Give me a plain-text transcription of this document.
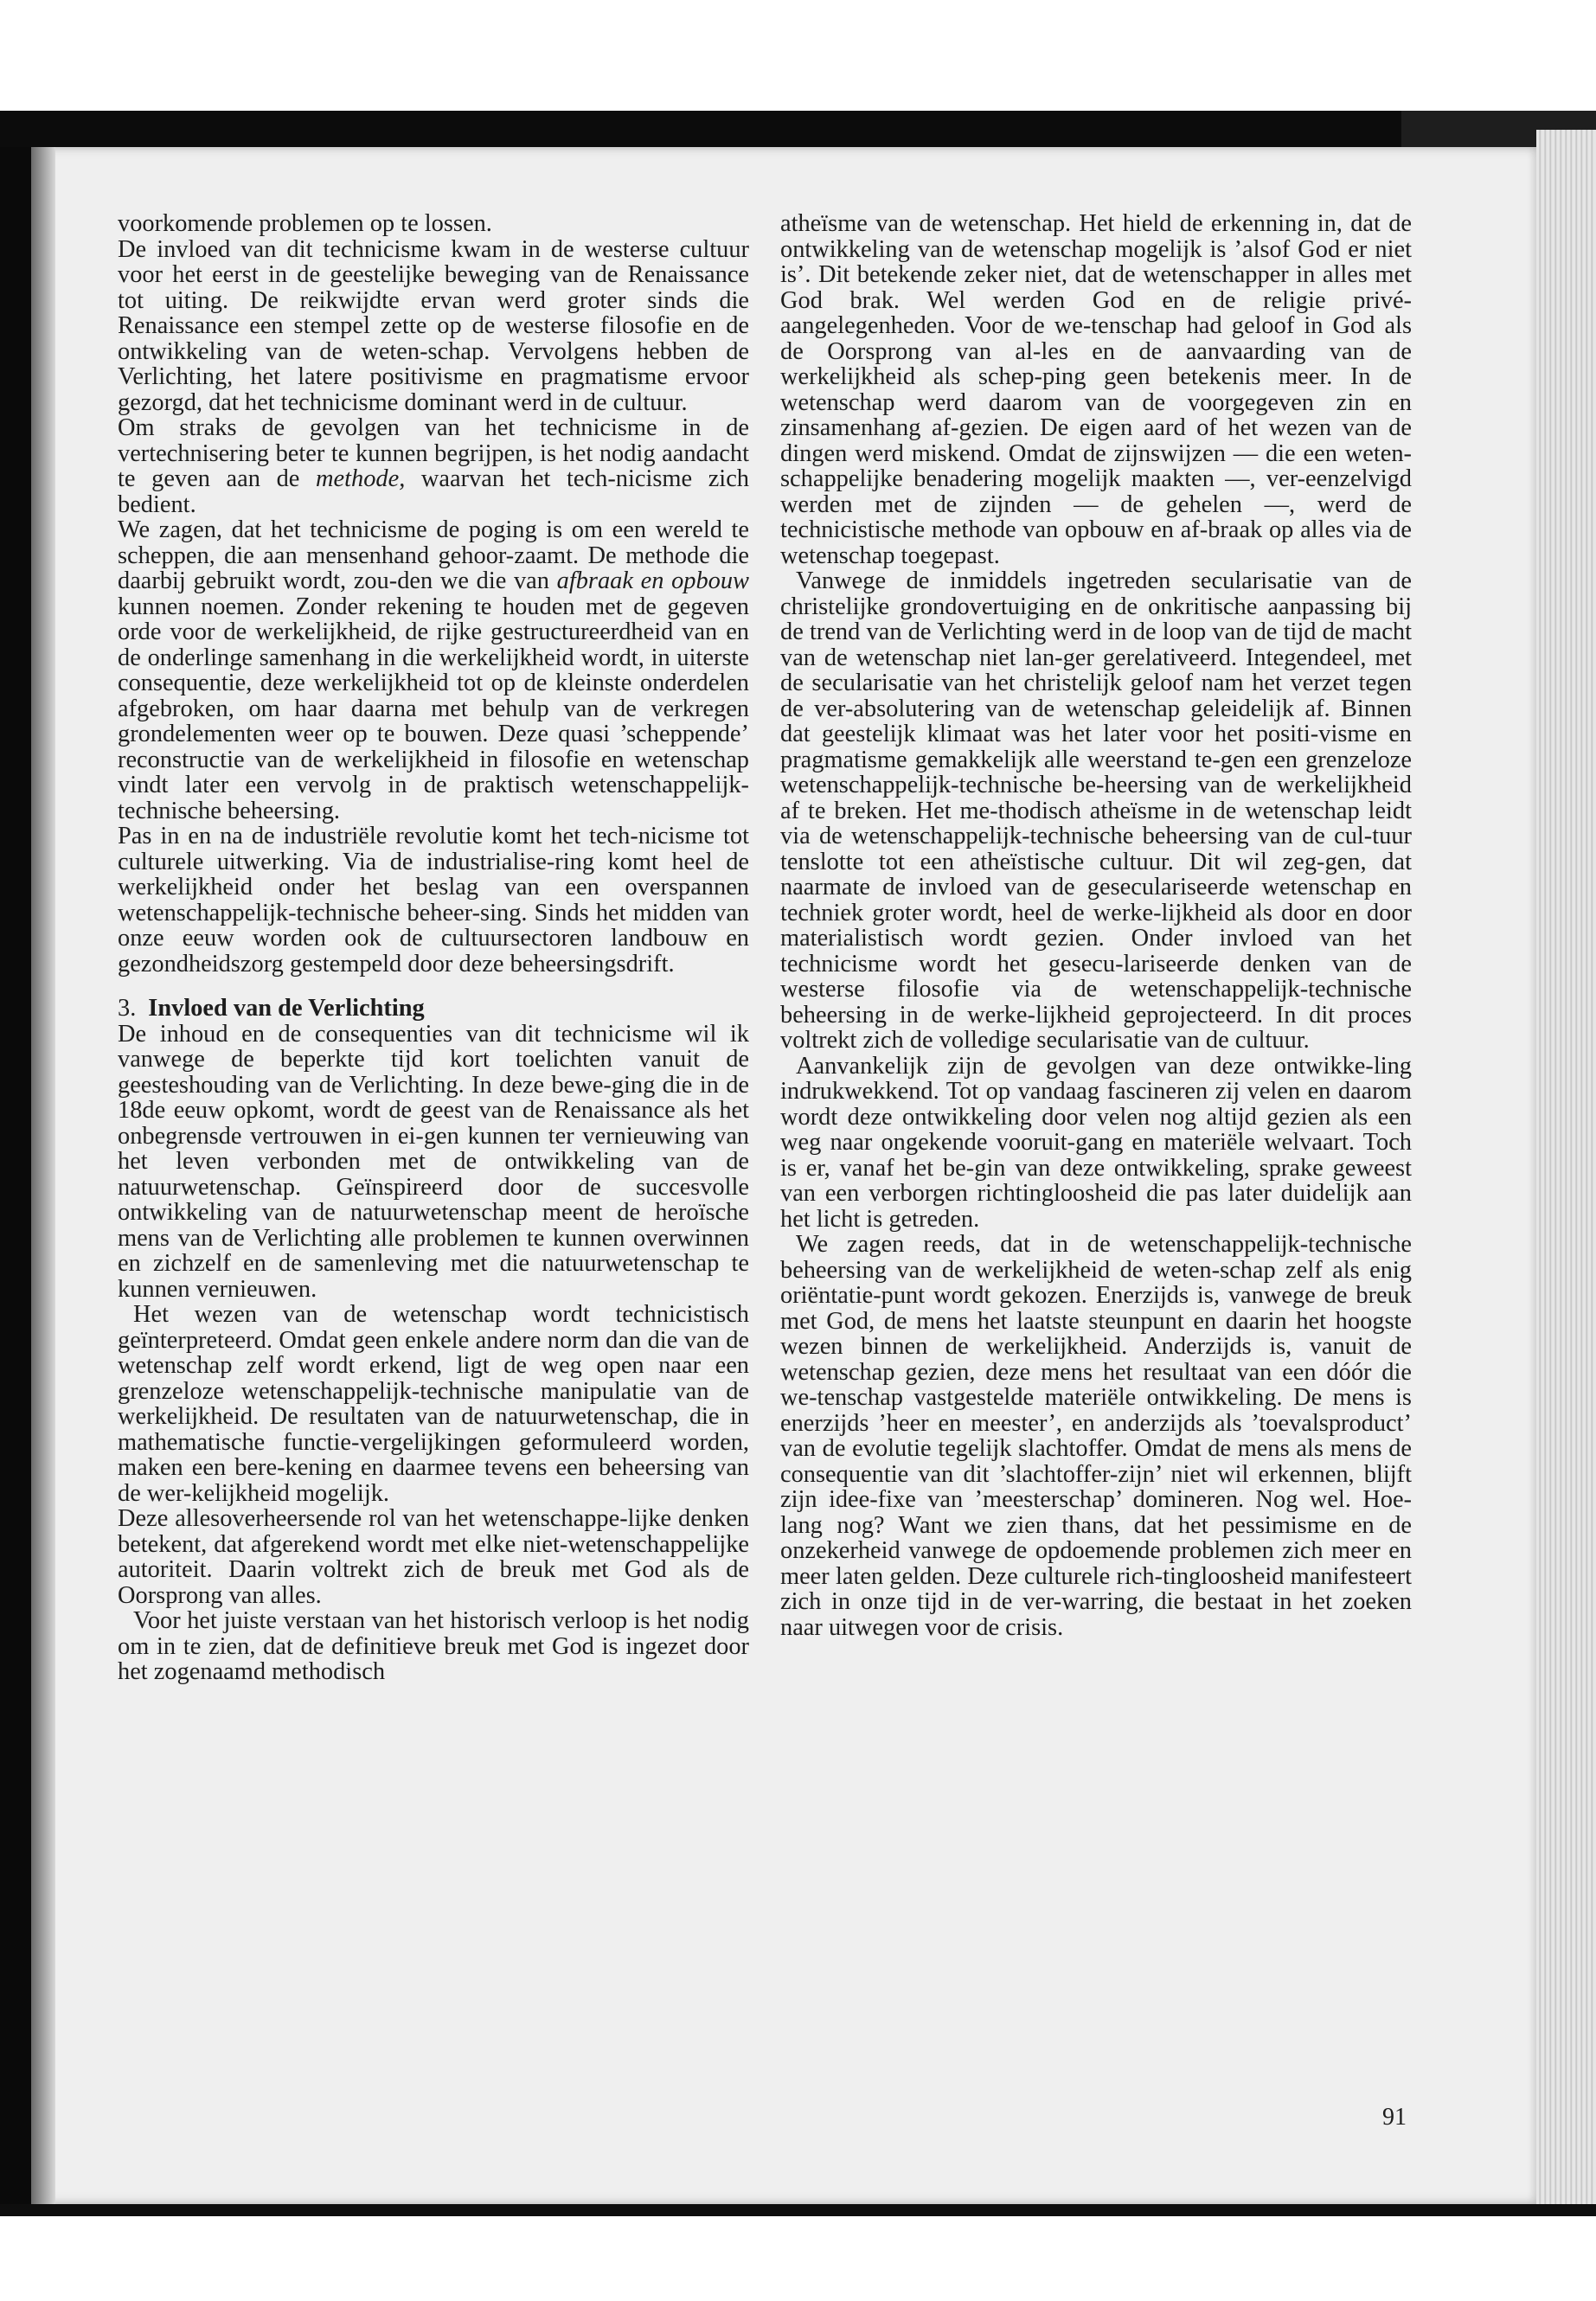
voorkomende problemen op te lossen.

De invloed van dit technicisme kwam in de westerse cultuur voor het eerst in de geestelijke beweging van de Renaissance tot uiting. De reikwijdte ervan werd groter sinds die Renaissance een stempel zette op de westerse filosofie en de ontwikkeling van de weten-schap. Vervolgens hebben de Verlichting, het latere positivisme en pragmatisme ervoor gezorgd, dat het technicisme dominant werd in de cultuur.

Om straks de gevolgen van het technicisme in de vertechnisering beter te kunnen begrijpen, is het nodig aandacht te geven aan de methode, waarvan het tech-nicisme zich bedient.

We zagen, dat het technicisme de poging is om een wereld te scheppen, die aan mensenhand gehoor-zaamt. De methode die daarbij gebruikt wordt, zou-den we die van afbraak en opbouw kunnen noemen. Zonder rekening te houden met de gegeven orde voor de werkelijkheid, de rijke gestructureerdheid van en de onderlinge samenhang in die werkelijkheid wordt, in uiterste consequentie, deze werkelijkheid tot op de kleinste onderdelen afgebroken, om haar daarna met behulp van de verkregen grondelementen weer op te bouwen. Deze quasi ’scheppende’ reconstructie van de werkelijkheid in filosofie en wetenschap vindt later een vervolg in de praktisch wetenschappelijk-technische beheersing.

Pas in en na de industriële revolutie komt het tech-nicisme tot culturele uitwerking. Via de industrialise-ring komt heel de werkelijkheid onder het beslag van een overspannen wetenschappelijk-technische beheer-sing. Sinds het midden van onze eeuw worden ook de cultuursectoren landbouw en gezondheidszorg gestempeld door deze beheersingsdrift.

3. Invloed van de Verlichting

De inhoud en de consequenties van dit technicisme wil ik vanwege de beperkte tijd kort toelichten vanuit de geesteshouding van de Verlichting. In deze bewe-ging die in de 18de eeuw opkomt, wordt de geest van de Renaissance als het onbegrensde vertrouwen in ei-gen kunnen ter vernieuwing van het leven verbonden met de ontwikkeling van de natuurwetenschap. Geïnspireerd door de succesvolle ontwikkeling van de natuurwetenschap meent de heroïsche mens van de Verlichting alle problemen te kunnen overwinnen en zichzelf en de samenleving met die natuurwetenschap te kunnen vernieuwen.

Het wezen van de wetenschap wordt technicistisch geïnterpreteerd. Omdat geen enkele andere norm dan die van de wetenschap zelf wordt erkend, ligt de weg open naar een grenzeloze wetenschappelijk-technische manipulatie van de werkelijkheid. De resultaten van de natuurwetenschap, die in mathematische functie-vergelijkingen geformuleerd worden, maken een bere-kening en daarmee tevens een beheersing van de wer-kelijkheid mogelijk.

Deze allesoverheersende rol van het wetenschappe-lijke denken betekent, dat afgerekend wordt met elke niet-wetenschappelijke autoriteit. Daarin voltrekt zich de breuk met God als de Oorsprong van alles.

Voor het juiste verstaan van het historisch verloop is het nodig om in te zien, dat de definitieve breuk met God is ingezet door het zogenaamd methodisch

atheïsme van de wetenschap. Het hield de erkenning in, dat de ontwikkeling van de wetenschap mogelijk is ’alsof God er niet is’. Dit betekende zeker niet, dat de wetenschapper in alles met God brak. Wel werden God en de religie privé-aangelegenheden. Voor de we-tenschap had geloof in God als de Oorsprong van al-les en de aanvaarding van de werkelijkheid als schep-ping geen betekenis meer. In de wetenschap werd daarom van de voorgegeven zin en zinsamenhang af-gezien. De eigen aard of het wezen van de dingen werd miskend. Omdat de zijnswijzen — die een weten-schappelijke benadering mogelijk maakten —, ver-eenzelvigd werden met de zijnden — de gehelen —, werd de technicistische methode van opbouw en af-braak op alles via de wetenschap toegepast.

Vanwege de inmiddels ingetreden secularisatie van de christelijke grondovertuiging en de onkritische aanpassing bij de trend van de Verlichting werd in de loop van de tijd de macht van de wetenschap niet lan-ger gerelativeerd. Integendeel, met de secularisatie van het christelijk geloof nam het verzet tegen de ver-absolutering van de wetenschap geleidelijk af. Binnen dat geestelijk klimaat was het later voor het positi-visme en pragmatisme gemakkelijk alle weerstand te-gen een grenzeloze wetenschappelijk-technische be-heersing van de werkelijkheid af te breken. Het me-thodisch atheïsme in de wetenschap leidt via de wetenschappelijk-technische beheersing van de cul-tuur tenslotte tot een atheïstische cultuur. Dit wil zeg-gen, dat naarmate de invloed van de geseculariseerde wetenschap en techniek groter wordt, heel de werke-lijkheid als door en door materialistisch wordt gezien. Onder invloed van het technicisme wordt het gesecu-lariseerde denken van de westerse filosofie via de wetenschappelijk-technische beheersing in de werke-lijkheid geprojecteerd. In dit proces voltrekt zich de volledige secularisatie van de cultuur.

Aanvankelijk zijn de gevolgen van deze ontwikke-ling indrukwekkend. Tot op vandaag fascineren zij velen en daarom wordt deze ontwikkeling door velen nog altijd gezien als een weg naar ongekende vooruit-gang en materiële welvaart. Toch is er, vanaf het be-gin van deze ontwikkeling, sprake geweest van een verborgen richtingloosheid die pas later duidelijk aan het licht is getreden.

We zagen reeds, dat in de wetenschappelijk-technische beheersing van de werkelijkheid de weten-schap zelf als enig oriëntatie-punt wordt gekozen. Enerzijds is, vanwege de breuk met God, de mens het laatste steunpunt en daarin het hoogste wezen binnen de werkelijkheid. Anderzijds is, vanuit de wetenschap gezien, deze mens het resultaat van een dóór die we-tenschap vastgestelde materiële ontwikkeling. De mens is enerzijds ’heer en meester’, en anderzijds als ’toevalsproduct’ van de evolutie tegelijk slachtoffer. Omdat de mens als mens de consequentie van dit ’slachtoffer-zijn’ niet wil erkennen, blijft zijn idee-fixe van ’meesterschap’ domineren. Nog wel. Hoe-lang nog? Want we zien thans, dat het pessimisme en de onzekerheid vanwege de opdoemende problemen zich meer en meer laten gelden. Deze culturele rich-tingloosheid manifesteert zich in onze tijd in de ver-warring, die bestaat in het zoeken naar uitwegen voor de crisis.

91
